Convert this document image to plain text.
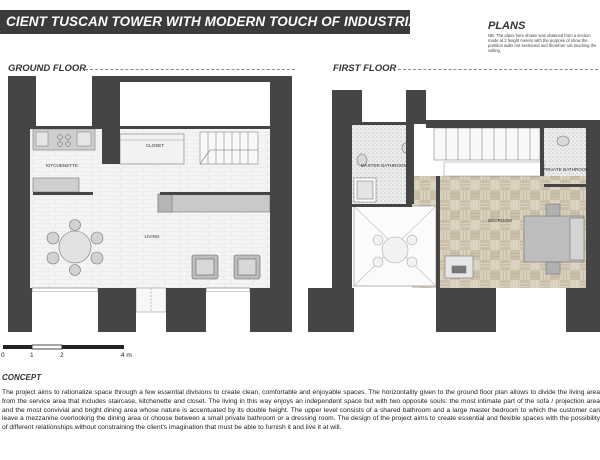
CIENT TUSCAN TOWER WITH MODERN TOUCH OF INDUSTRIAL STYLE PLANS
NB. The plans here shown was obtained from a section made at 2 height meters with the purpose of show the partition walls not sectioned and therefore not touching the ceiling.
GROUND FLOOR	FIRST FLOOR
CLOSET
KITCHENETTE
LIVING
MASTER BATHROOM
PRIVATE BATHROOM
BEDROOM
0	1	2	4 m
CONCEPT
The project aims to rationalize space through a few essential divisions to create clean, comfortable and enjoyable spaces. The horizontality given to the ground floor plan allows to divide the living area from the service area that includes staircase, kitchenette and closet. The living in this way enjoys an independent space but with two opposite souls: the most intimate part of the sofa / projection area and the most convivial and bright dining area whose nature is accentuated by its double height. The upper level consists of a shared bathroom and a large master bedroom to which the customer can leave a mezzanine overlooking the dining area or choose between a small private bathroom or a dressing room. The design of the project aims to create essential and flexible spaces with the possibility of different relationships without constraining the client's imagination that must be able to furnish it and live it at will.
